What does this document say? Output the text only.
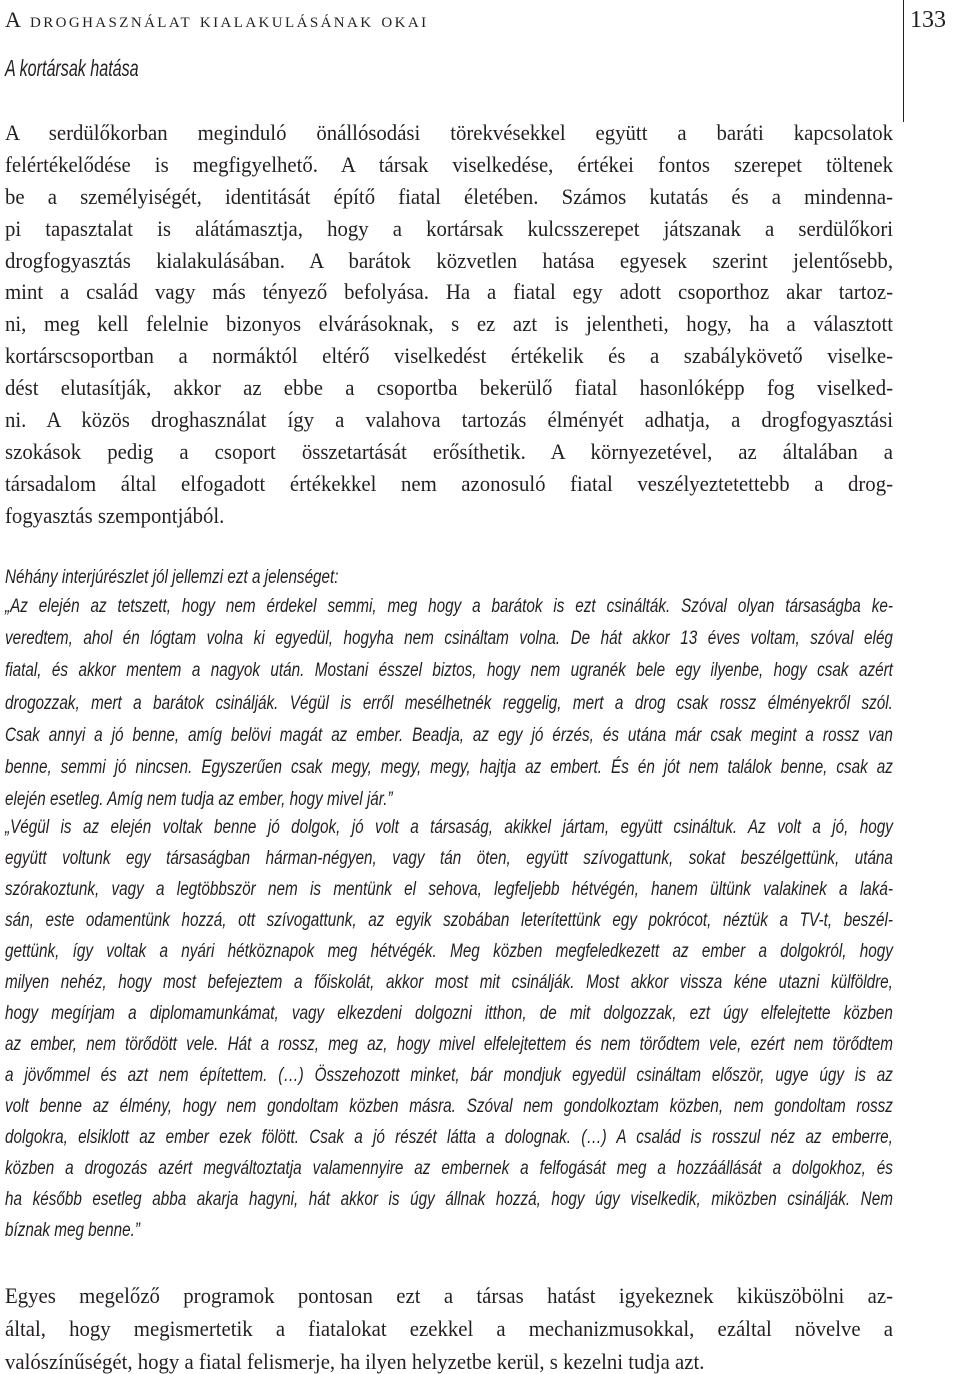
A droghasználat kialakulásának okai	133
A kortársak hatása
A serdülőkorban meginduló önállósodási törekvésekkel együtt a baráti kapcsolatok
felértékelődése is megfigyelhető. A társak viselkedése, értékei fontos szerepet töltenek
be a személyiségét, identitását építő fiatal életében. Számos kutatás és a mindenna-
pi tapasztalat is alátámasztja, hogy a kortársak kulcsszerepet játszanak a serdülőkori
drogfogyasztás kialakulásában. A barátok közvetlen hatása egyesek szerint jelentősebb,
mint a család vagy más tényező befolyása. Ha a fiatal egy adott csoporthoz akar tartoz-
ni, meg kell felelnie bizonyos elvárásoknak, s ez azt is jelentheti, hogy, ha a választott
kortárscsoportban a normáktól eltérő viselkedést értékelik és a szabálykövető viselke-
dést elutasítják, akkor az ebbe a csoportba bekerülő fiatal hasonlóképp fog viselked-
ni. A közös droghasználat így a valahova tartozás élményét adhatja, a drogfogyasztási
szokások pedig a csoport összetartását erősíthetik. A környezetével, az általában a
társadalom által elfogadott értékekkel nem azonosuló fiatal veszélyeztetettebb a drog-
fogyasztás szempontjából.
Néhány interjúrészlet jól jellemzi ezt a jelenséget:
„Az elején az tetszett, hogy nem érdekel semmi, meg hogy a barátok is ezt csinálták. Szóval olyan társaságba ke-
veredtem, ahol én lógtam volna ki egyedül, hogyha nem csináltam volna. De hát akkor 13 éves voltam, szóval elég
fiatal, és akkor mentem a nagyok után. Mostani ésszel biztos, hogy nem ugranék bele egy ilyenbe, hogy csak azért
drogozzak, mert a barátok csinálják. Végül is erről mesélhetnék reggelig, mert a drog csak rossz élményekről szól.
Csak annyi a jó benne, amíg belövi magát az ember. Beadja, az egy jó érzés, és utána már csak megint a rossz van
benne, semmi jó nincsen. Egyszerűen csak megy, megy, megy, hajtja az embert. És én jót nem találok benne, csak az
elején esetleg. Amíg nem tudja az ember, hogy mivel jár.”
„Végül is az elején voltak benne jó dolgok, jó volt a társaság, akikkel jártam, együtt csináltuk. Az volt a jó, hogy
együtt voltunk egy társaságban hárman-négyen, vagy tán öten, együtt szívogattunk, sokat beszélgettünk, utána
szórakoztunk, vagy a legtöbbször nem is mentünk el sehova, legfeljebb hétvégén, hanem ültünk valakinek a laká-
sán, este odamentünk hozzá, ott szívogattunk, az egyik szobában leterítettünk egy pokrócot, néztük a TV-t, beszél-
gettünk, így voltak a nyári hétköznapok meg hétvégék. Meg közben megfeledkezett az ember a dolgokról, hogy
milyen nehéz, hogy most befejeztem a főiskolát, akkor most mit csinálják. Most akkor vissza kéne utazni külföldre,
hogy megírjam a diplomamunkámat, vagy elkezdeni dolgozni itthon, de mit dolgozzak, ezt úgy elfelejtette közben
az ember, nem törődött vele. Hát a rossz, meg az, hogy mivel elfelejtettem és nem törődtem vele, ezért nem törődtem
a jövőmmel és azt nem építettem. (…) Összehozott minket, bár mondjuk egyedül csináltam először, ugye úgy is az
volt benne az élmény, hogy nem gondoltam közben másra. Szóval nem gondolkoztam közben, nem gondoltam rossz
dolgokra, elsiklott az ember ezek fölött. Csak a jó részét látta a dolognak. (…) A család is rosszul néz az emberre,
közben a drogozás azért megváltoztatja valamennyire az embernek a felfogását meg a hozzáállását a dolgokhoz, és
ha később esetleg abba akarja hagyni, hát akkor is úgy állnak hozzá, hogy úgy viselkedik, miközben csinálják. Nem
bíznak meg benne.”
Egyes megelőző programok pontosan ezt a társas hatást igyekeznek kiküszöbölni az-
által, hogy megismertetik a fiatalokat ezekkel a mechanizmusokkal, ezáltal növelve a
valószínűségét, hogy a fiatal felismerje, ha ilyen helyzetbe kerül, s kezelni tudja azt.
